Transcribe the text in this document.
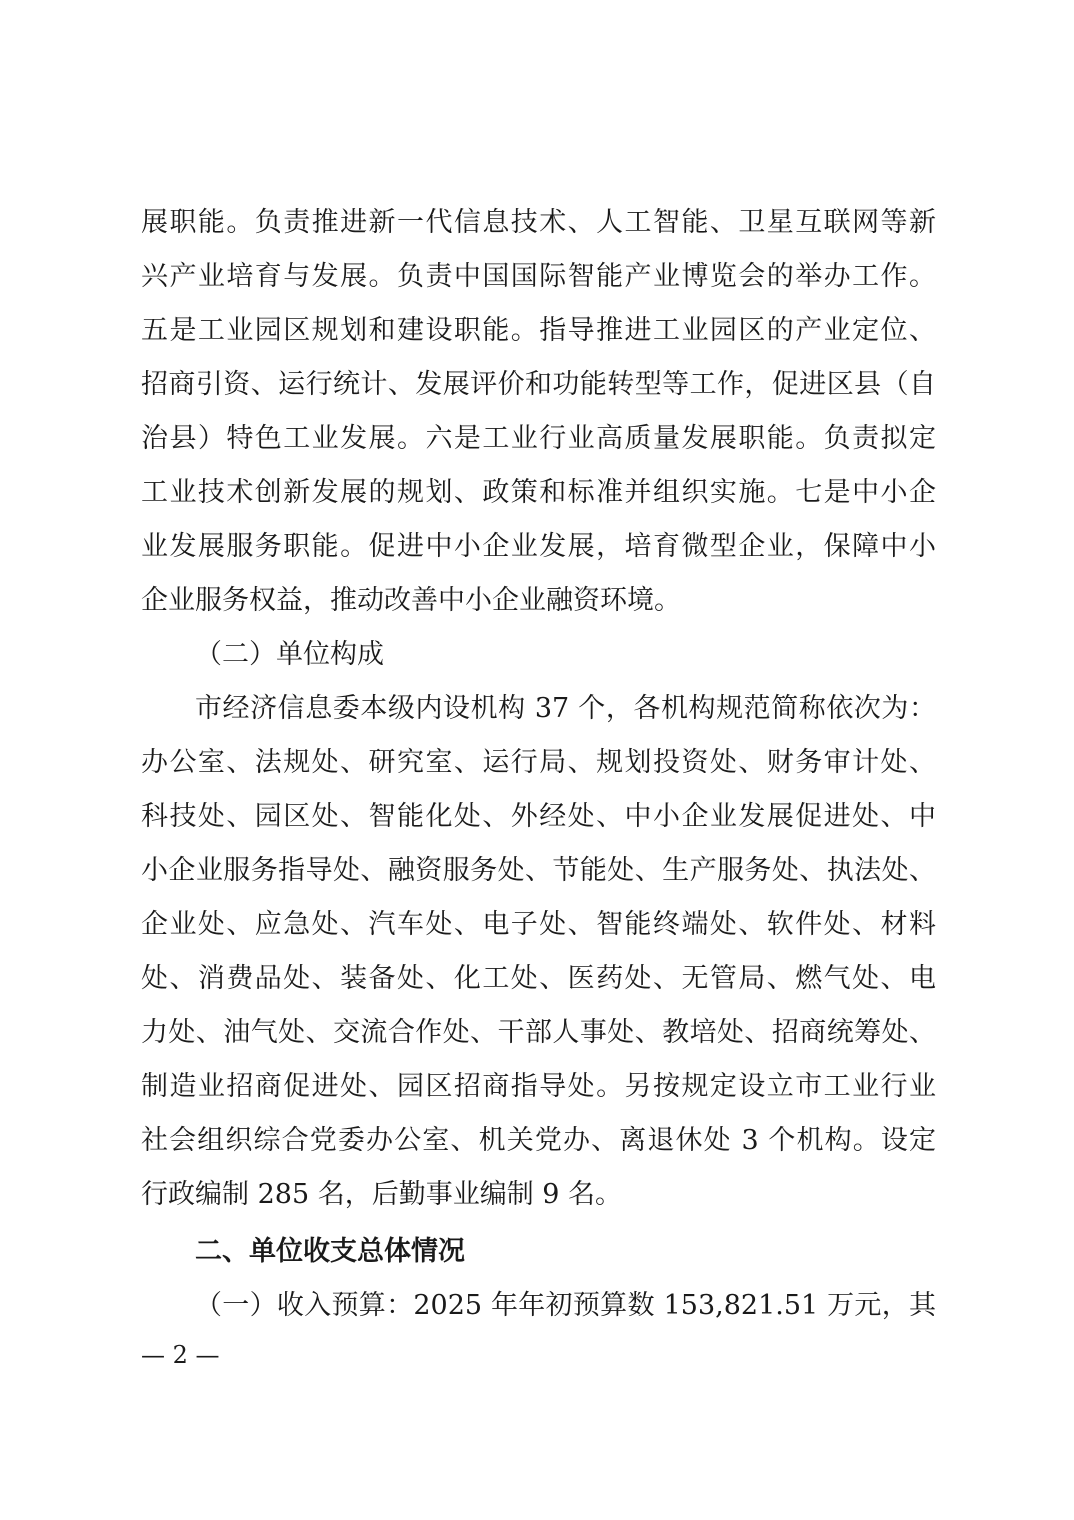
展职能。负责推进新一代信息技术、人工智能、卫星互联网等新
兴产业培育与发展。负责中国国际智能产业博览会的举办工作。
五是工业园区规划和建设职能。指导推进工业园区的产业定位、
招商引资、运行统计、发展评价和功能转型等工作，促进区县（自
治县）特色工业发展。六是工业行业高质量发展职能。负责拟定
工业技术创新发展的规划、政策和标准并组织实施。七是中小企
业发展服务职能。促进中小企业发展，培育微型企业，保障中小
企业服务权益，推动改善中小企业融资环境。
（二）单位构成
市经济信息委本级内设机构 37 个，各机构规范简称依次为：
办公室、法规处、研究室、运行局、规划投资处、财务审计处、
科技处、园区处、智能化处、外经处、中小企业发展促进处、中
小企业服务指导处、融资服务处、节能处、生产服务处、执法处、
企业处、应急处、汽车处、电子处、智能终端处、软件处、材料
处、消费品处、装备处、化工处、医药处、无管局、燃气处、电
力处、油气处、交流合作处、干部人事处、教培处、招商统筹处、
制造业招商促进处、园区招商指导处。另按规定设立市工业行业
社会组织综合党委办公室、机关党办、离退休处 3 个机构。设定
行政编制 285 名，后勤事业编制 9 名。
二、单位收支总体情况
（一）收入预算：2025 年年初预算数 153,821.51 万元，其
— 2 —
